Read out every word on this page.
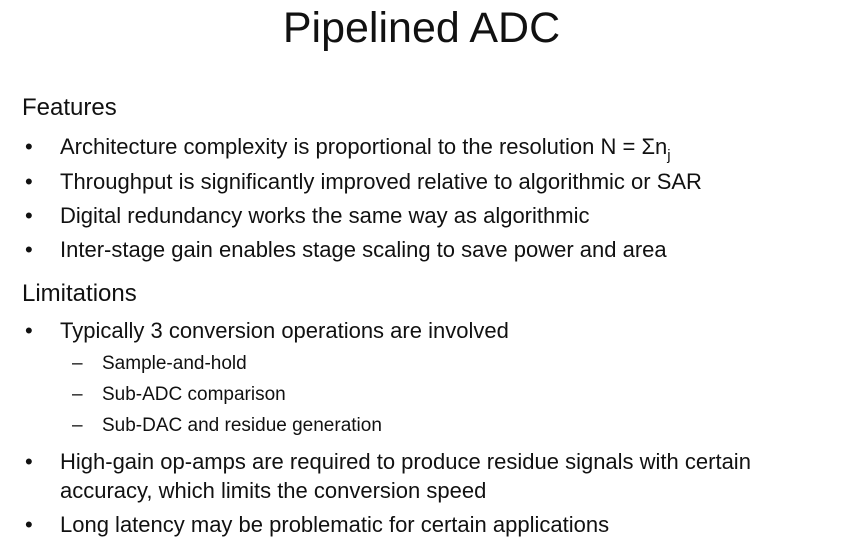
Pipelined ADC
Features
•	Architecture complexity is proportional to the resolution $N = \Sigma n_j$
•	Throughput is significantly improved relative to algorithmic or SAR
•	Digital redundancy works the same way as algorithmic
•	Inter-stage gain enables stage scaling to save power and area
Limitations
•	Typically 3 conversion operations are involved
– Sample-and-hold
– Sub-ADC comparison
– Sub-DAC and residue generation
•	High-gain op-amps are required to produce residue signals with certain accuracy, which limits the conversion speed
•	Long latency may be problematic for certain applications
